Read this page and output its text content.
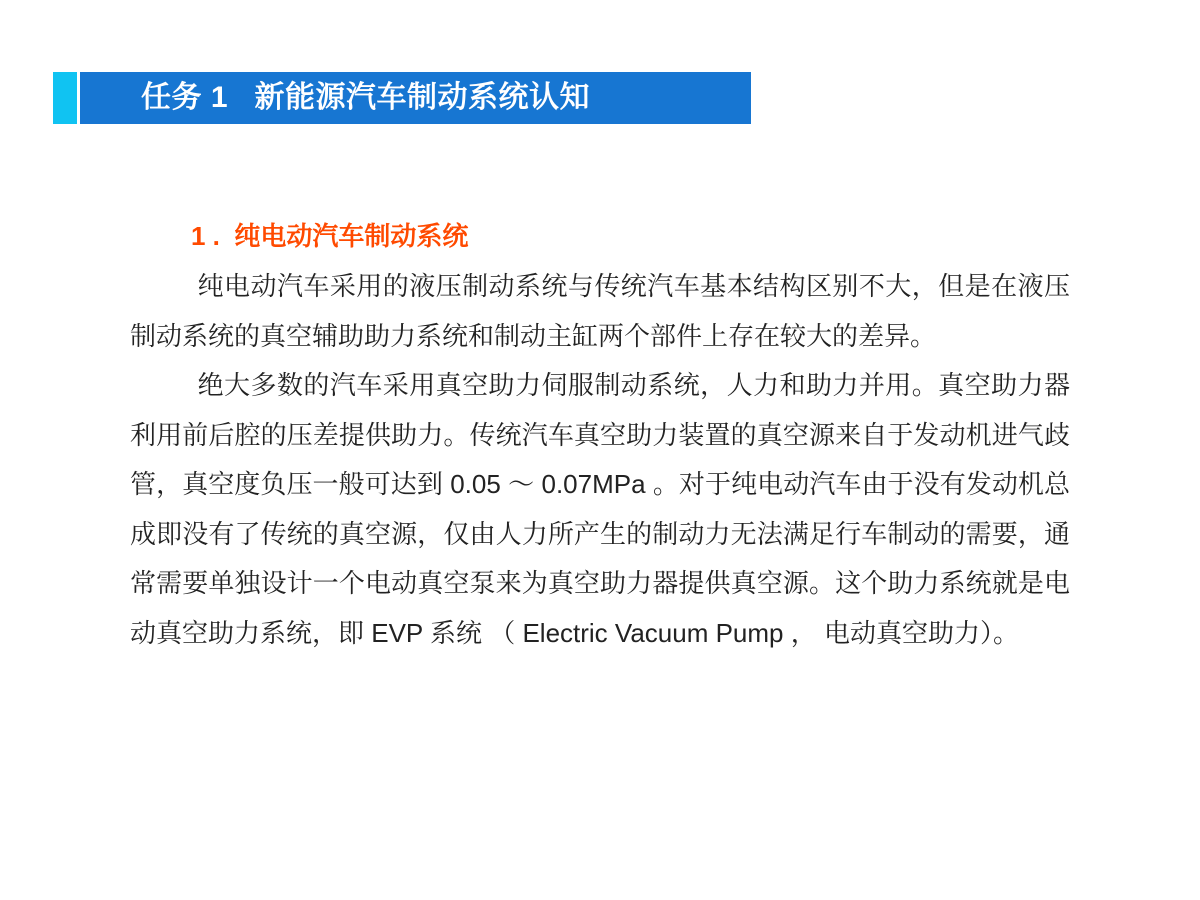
任务 1   新能源汽车制动系统认知
1 .  纯电动汽车制动系统

纯电动汽车采用的液压制动系统与传统汽车基本结构区别不大，但是在液压制动系统的真空辅助助力系统和制动主缸两个部件上存在较大的差异。

绝大多数的汽车采用真空助力伺服制动系统，人力和助力并用。真空助力器利用前后腔的压差提供助力。传统汽车真空助力装置的真空源来自于发动机进气歧管，真空度负压一般可达到 0.05 ～ 0.07MPa 。对于纯电动汽车由于没有发动机总成即没有了传统的真空源，仅由人力所产生的制动力无法满足行车制动的需要，通常需要单独设计一个电动真空泵来为真空助力器提供真空源。这个助力系统就是电动真空助力系统，即 EVP 系统 （ Electric Vacuum Pump ， 电动真空助力）。
